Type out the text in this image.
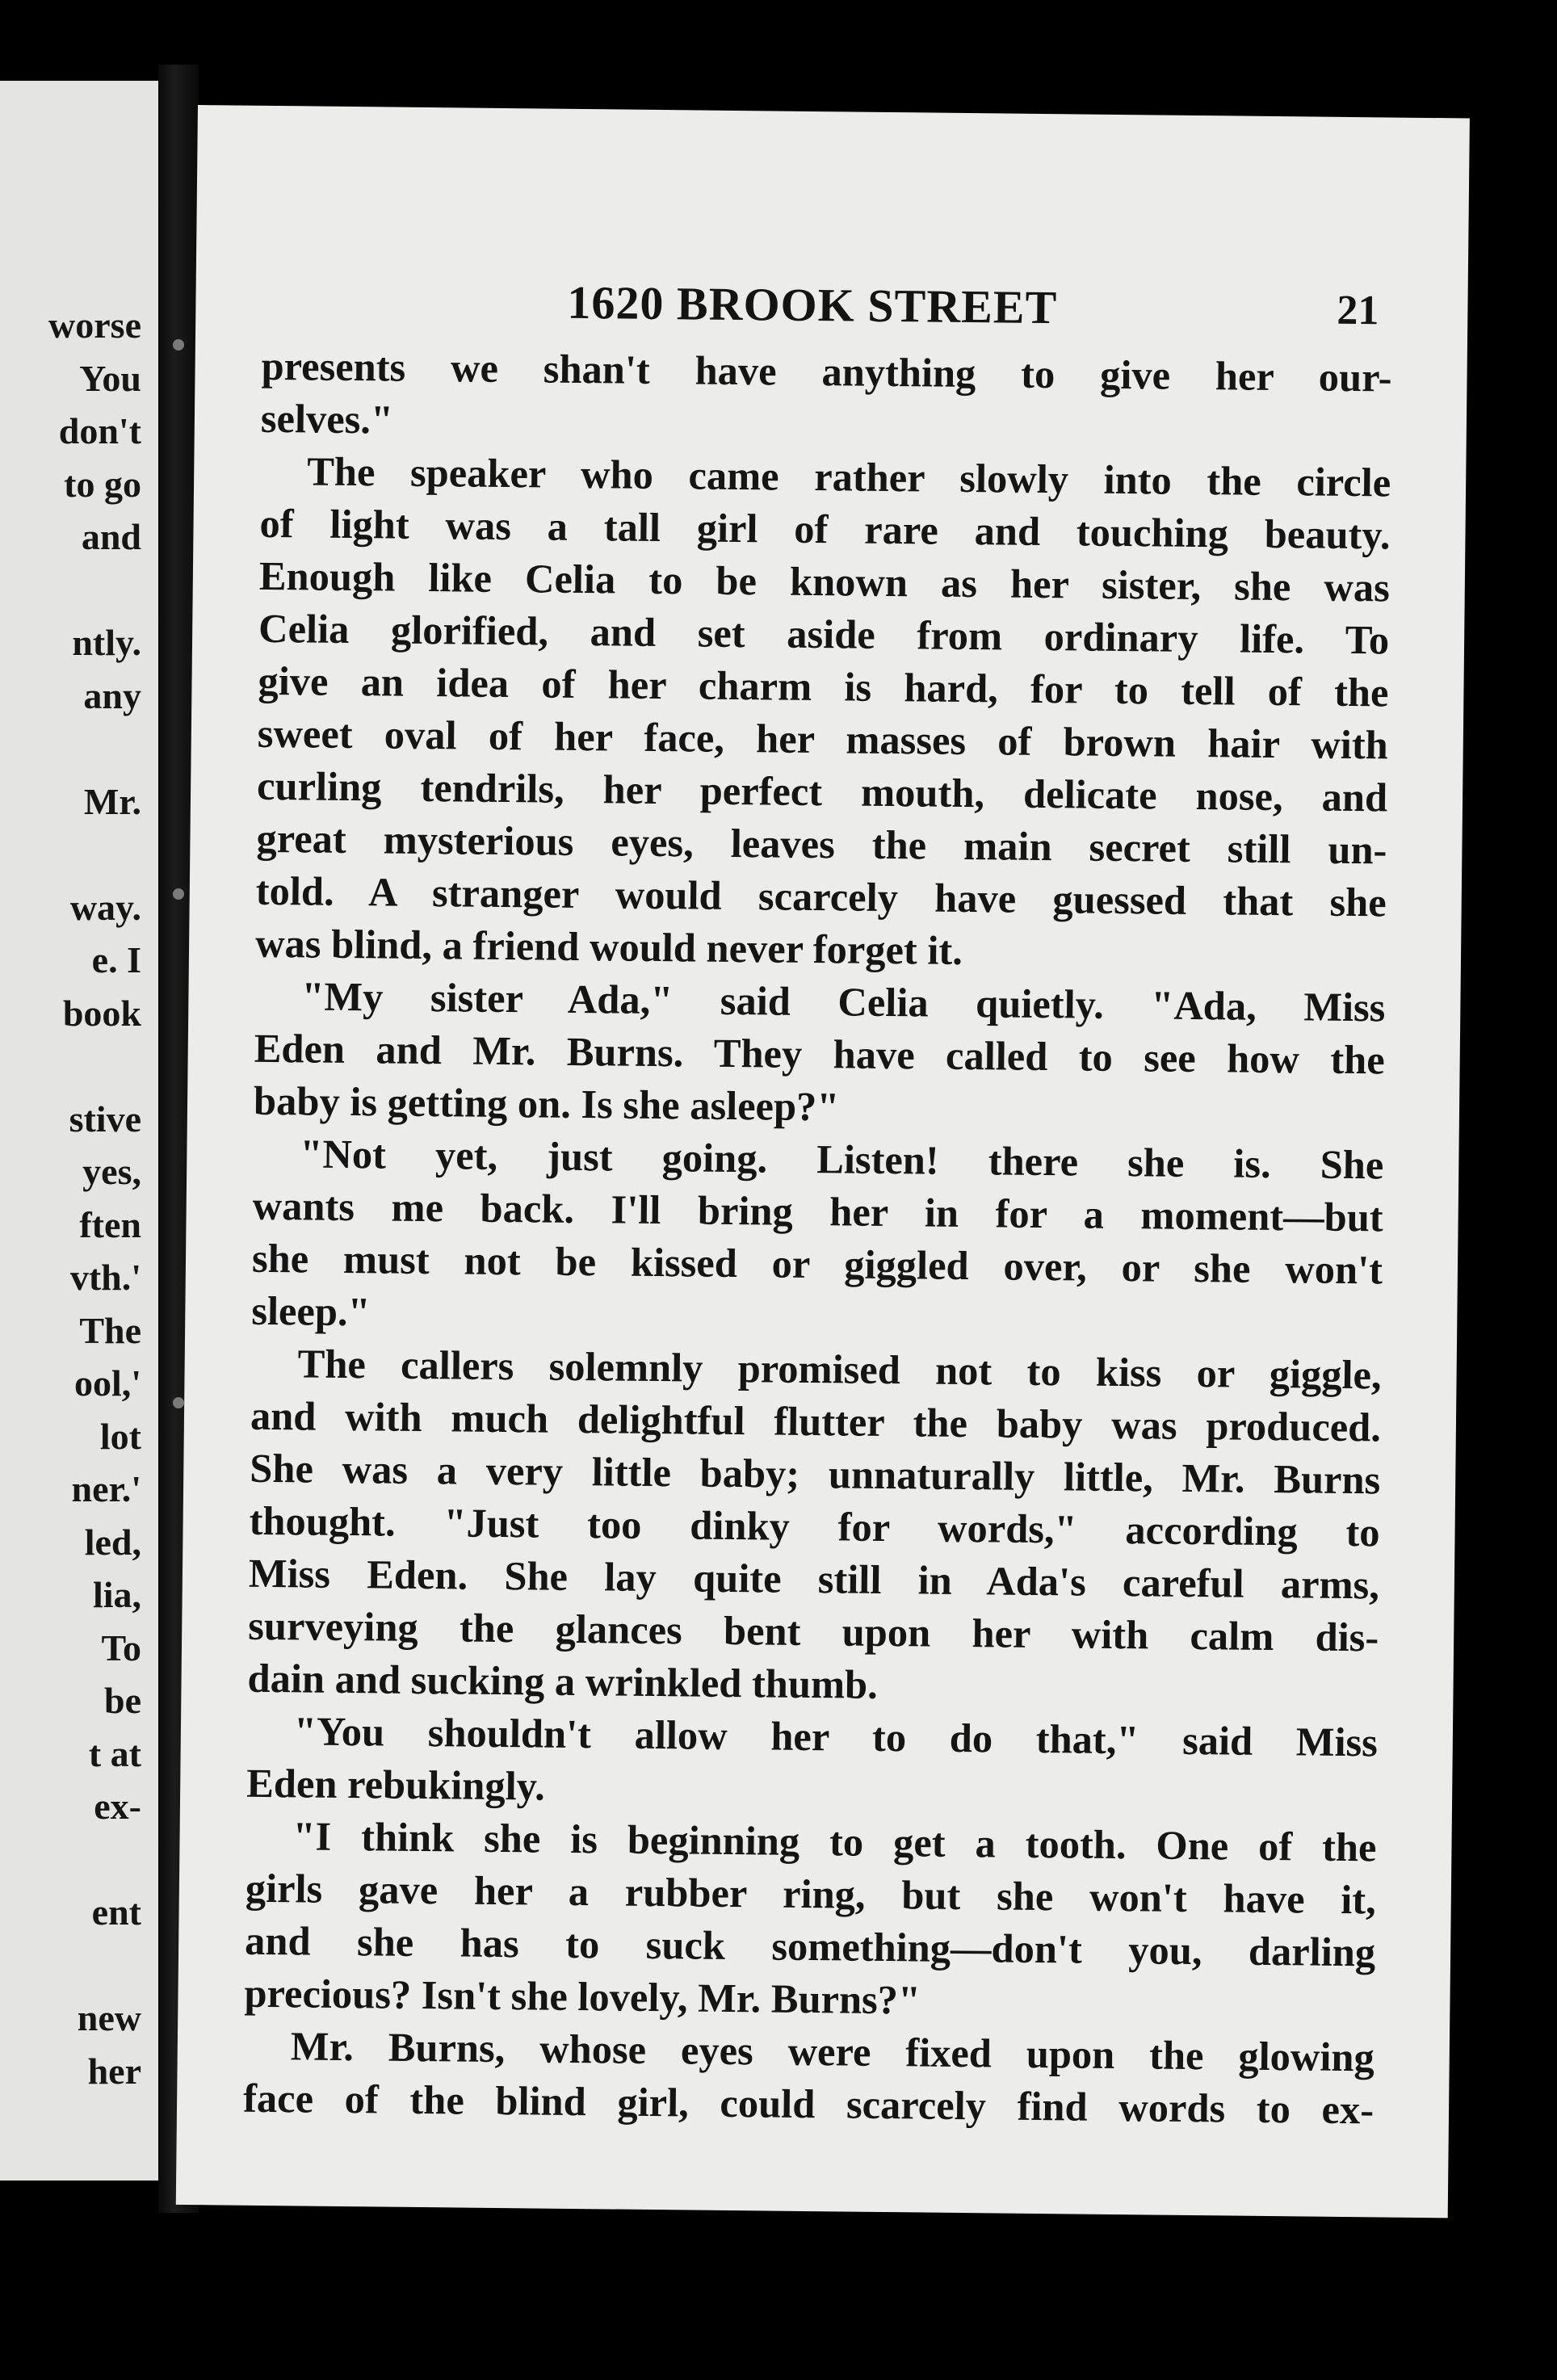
worse
You
don't
to go
and
ntly.
any
Mr.
way.
e. I
book
stive
yes,
ften
vth.'
The
ool,'
lot
ner.'
led,
lia,
To
be
t at
ex-
ent
new
her
1620 BROOK STREET	21
presents we shan't have anything to give her our-
selves."
The speaker who came rather slowly into the circle
of light was a tall girl of rare and touching beauty.
Enough like Celia to be known as her sister, she was
Celia glorified, and set aside from ordinary life. To
give an idea of her charm is hard, for to tell of the
sweet oval of her face, her masses of brown hair with
curling tendrils, her perfect mouth, delicate nose, and
great mysterious eyes, leaves the main secret still un-
told. A stranger would scarcely have guessed that she
was blind, a friend would never forget it.
"My sister Ada," said Celia quietly. "Ada, Miss
Eden and Mr. Burns. They have called to see how the
baby is getting on. Is she asleep?"
"Not yet, just going. Listen! there she is. She
wants me back. I'll bring her in for a moment—but
she must not be kissed or giggled over, or she won't
sleep."
The callers solemnly promised not to kiss or giggle,
and with much delightful flutter the baby was produced.
She was a very little baby; unnaturally little, Mr. Burns
thought. "Just too dinky for words," according to
Miss Eden. She lay quite still in Ada's careful arms,
surveying the glances bent upon her with calm dis-
dain and sucking a wrinkled thumb.
"You shouldn't allow her to do that," said Miss
Eden rebukingly.
"I think she is beginning to get a tooth. One of the
girls gave her a rubber ring, but she won't have it,
and she has to suck something—don't you, darling
precious? Isn't she lovely, Mr. Burns?"
Mr. Burns, whose eyes were fixed upon the glowing
face of the blind girl, could scarcely find words to ex-
